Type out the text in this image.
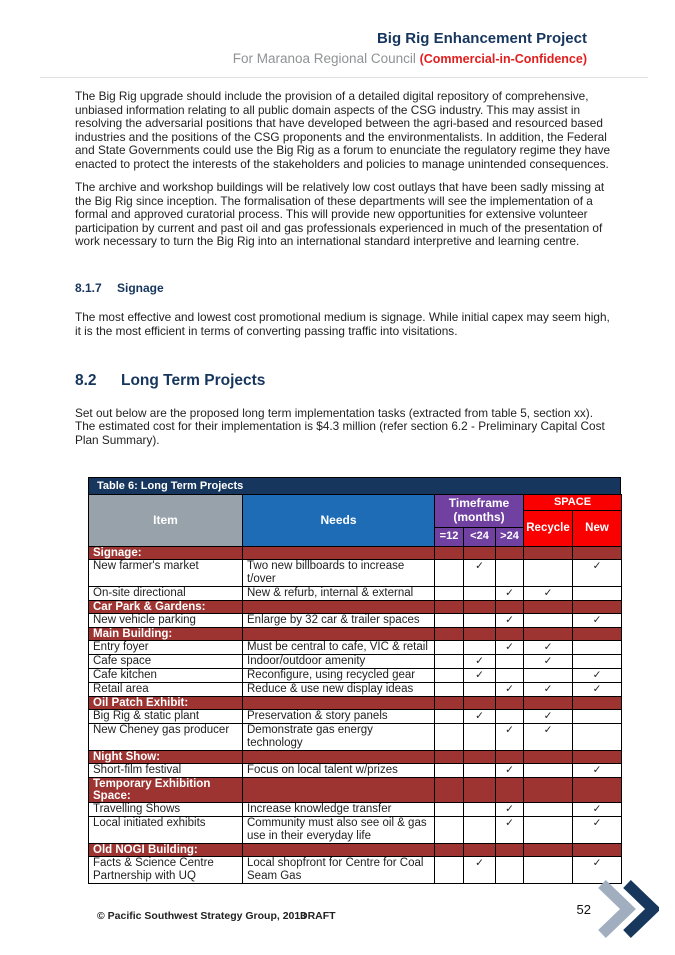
Big Rig Enhancement Project
For Maranoa Regional Council (Commercial-in-Confidence)

The Big Rig upgrade should include the provision of a detailed digital repository of comprehensive, unbiased information relating to all public domain aspects of the CSG industry. This may assist in resolving the adversarial positions that have developed between the agri-based and resourced based industries and the positions of the CSG proponents and the environmentalists. In addition, the Federal and State Governments could use the Big Rig as a forum to enunciate the regulatory regime they have enacted to protect the interests of the stakeholders and policies to manage unintended consequences.

The archive and workshop buildings will be relatively low cost outlays that have been sadly missing at the Big Rig since inception. The formalisation of these departments will see the implementation of a formal and approved curatorial process. This will provide new opportunities for extensive volunteer participation by current and past oil and gas professionals experienced in much of the presentation of work necessary to turn the Big Rig into an international standard interpretive and learning centre.

8.1.7 Signage

The most effective and lowest cost promotional medium is signage. While initial capex may seem high, it is the most efficient in terms of converting passing traffic into visitations.

8.2 Long Term Projects

Set out below are the proposed long term implementation tasks (extracted from table 5, section xx). The estimated cost for their implementation is $4.3 million (refer section 6.2 - Preliminary Capital Cost Plan Summary).

Table 6: Long Term Projects
Item	Needs	Timeframe (months)			SPACE	
					Recycle	New
		=12	<24	>24		
Signage:						
New farmer's market	Two new billboards to increase t/over		✓			✓
On-site directional	New & refurb, internal & external			✓	✓	
Car Park & Gardens:						
New vehicle parking	Enlarge by 32 car & trailer spaces			✓		✓
Main Building:						
Entry foyer	Must be central to cafe, VIC & retail			✓	✓	
Cafe space	Indoor/outdoor amenity		✓		✓	
Cafe kitchen	Reconfigure, using recycled gear		✓			✓
Retail area	Reduce & use new display ideas			✓	✓	✓
Oil Patch Exhibit:						
Big Rig & static plant	Preservation & story panels		✓		✓	
New Cheney gas producer	Demonstrate gas energy technology			✓	✓	
Night Show:						
Short-film festival	Focus on local talent w/prizes			✓		✓
Temporary Exhibition Space:						
Travelling Shows	Increase knowledge transfer			✓		✓
Local initiated exhibits	Community must also see oil & gas use in their everyday life			✓		✓
Old NOGI Building:						
Facts & Science Centre Partnership with UQ	Local shopfront for Centre for Coal Seam Gas		✓			✓
© Pacific Southwest Strategy Group, 2013
DRAFT	52
